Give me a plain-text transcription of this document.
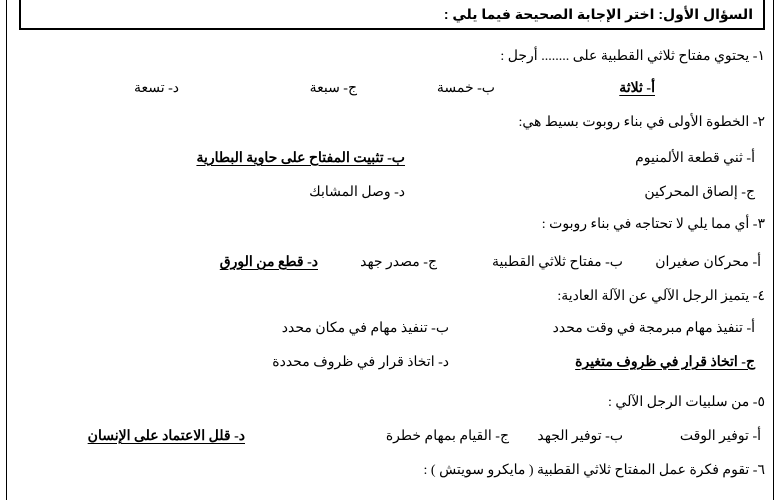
السؤال الأول: اختر الإجابة الصحيحة فيما يلي :
١- يحتوي مفتاح ثلاثي القطبية على ........ أرجل :
أ- ثلاثة
ب- خمسة
ج- سبعة
د- تسعة
٢- الخطوة الأولى في بناء روبوت بسيط هي:
أ- ثني قطعة الألمنيوم
ب- تثبيت المفتاح على حاوية البطارية
ج- إلصاق المحركين
د- وصل المشابك
٣- أي مما يلي لا تحتاجه في بناء روبوت :
أ- محركان صغيران
ب- مفتاح ثلاثي القطبية
ج- مصدر جهد
د- قطع من الورق
٤- يتميز الرجل الآلي عن الآلة العادية:
أ- تنفيذ مهام مبرمجة في وقت محدد
ب- تنفيذ مهام في مكان محدد
ج- اتخاذ قرار في ظروف متغيرة
د- اتخاذ قرار في ظروف محددة
٥- من سلبيات الرجل الآلي :
أ- توفير الوقت
ب- توفير الجهد
ج- القيام بمهام خطرة
د- قلل الاعتماد على الإنسان
٦- تقوم فكرة عمل المفتاح ثلاثي القطبية ( مايكرو سويتش ) :
